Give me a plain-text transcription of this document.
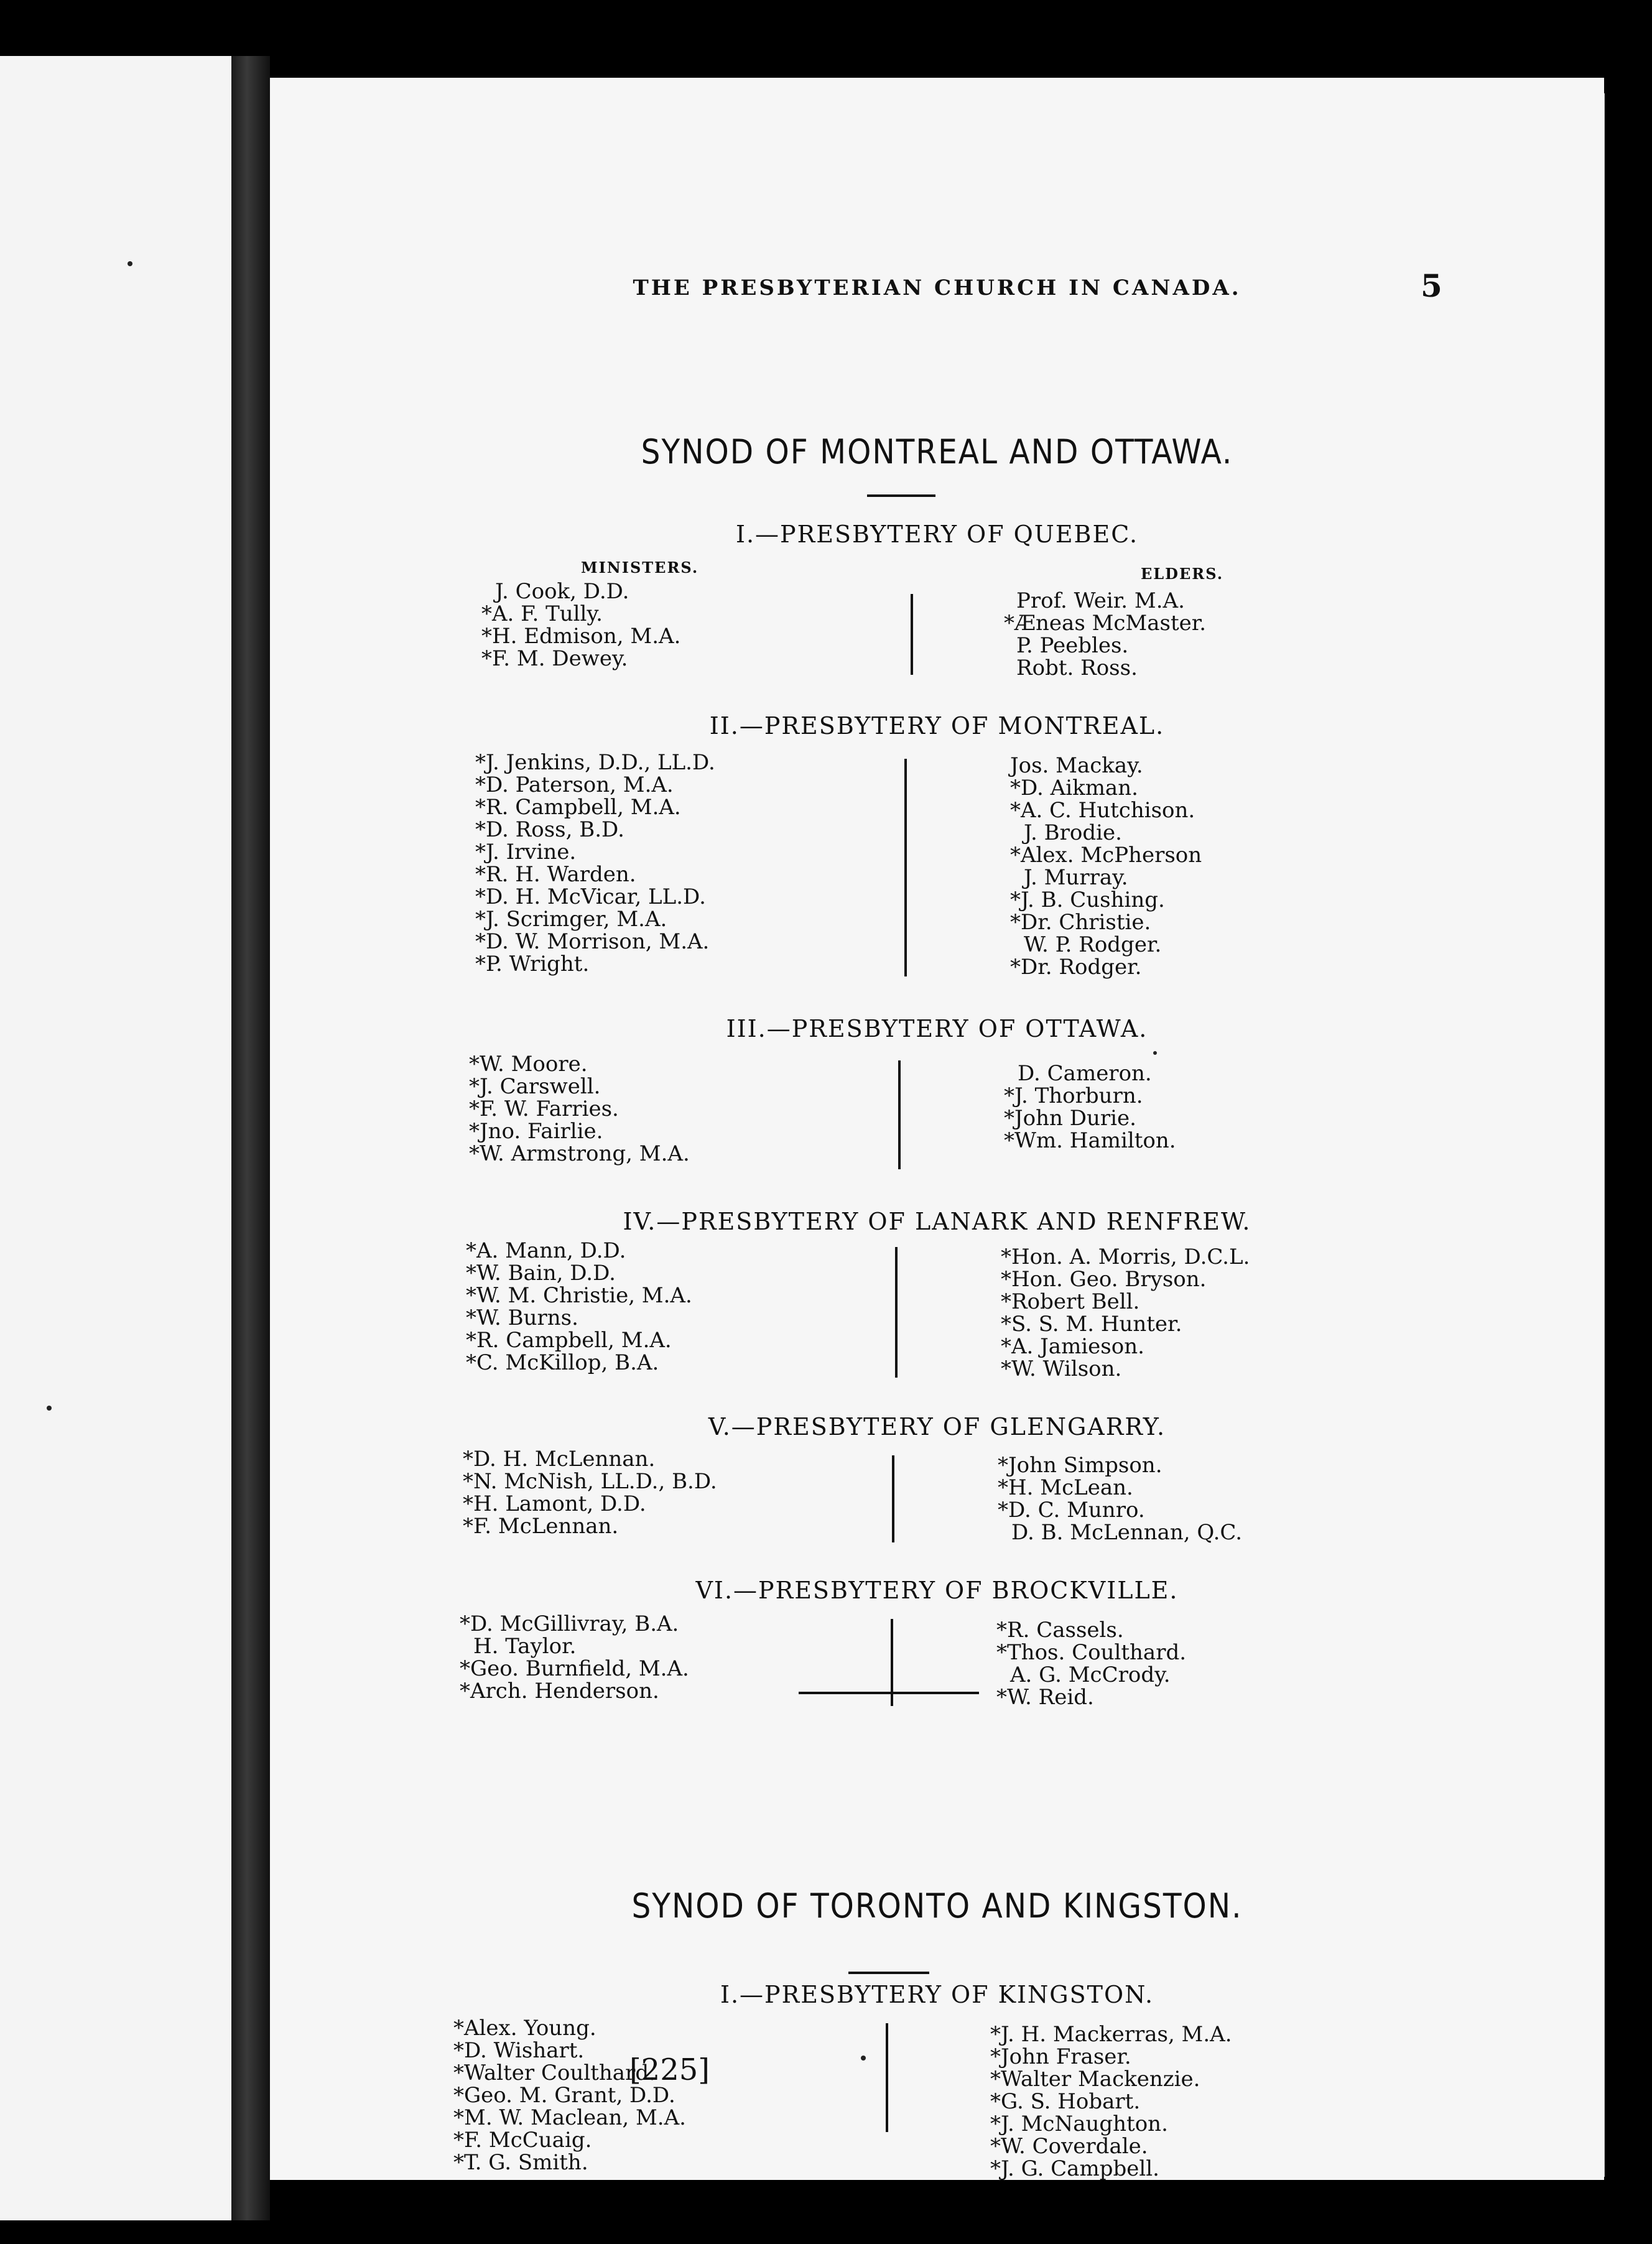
THE PRESBYTERIAN CHURCH IN CANADA.	5
SYNOD OF MONTREAL AND OTTAWA.
I.—PRESBYTERY OF QUEBEC.
MINISTERS.	ELDERS.
J. Cook, D.D.
*A. F. Tully.
*H. Edmison, M.A.
*F. M. Dewey.
Prof. Weir. M.A.
*Æneas McMaster.
P. Peebles.
Robt. Ross.
II.—PRESBYTERY OF MONTREAL.
*J. Jenkins, D.D., LL.D.
*D. Paterson, M.A.
*R. Campbell, M.A.
*D. Ross, B.D.
*J. Irvine.
*R. H. Warden.
*D. H. McVicar, LL.D.
*J. Scrimger, M.A.
*D. W. Morrison, M.A.
*P. Wright.
Jos. Mackay.
*D. Aikman.
*A. C. Hutchison.
J. Brodie.
*Alex. McPherson
J. Murray.
*J. B. Cushing.
*Dr. Christie.
W. P. Rodger.
*Dr. Rodger.
III.—PRESBYTERY OF OTTAWA.
*W. Moore.
*J. Carswell.
*F. W. Farries.
*Jno. Fairlie.
*W. Armstrong, M.A.
D. Cameron.
*J. Thorburn.
*John Durie.
*Wm. Hamilton.
IV.—PRESBYTERY OF LANARK AND RENFREW.
*A. Mann, D.D.
*W. Bain, D.D.
*W. M. Christie, M.A.
*W. Burns.
*R. Campbell, M.A.
*C. McKillop, B.A.
*Hon. A. Morris, D.C.L.
*Hon. Geo. Bryson.
*Robert Bell.
*S. S. M. Hunter.
*A. Jamieson.
*W. Wilson.
V.—PRESBYTERY OF GLENGARRY.
*D. H. McLennan.
*N. McNish, LL.D., B.D.
*H. Lamont, D.D.
*F. McLennan.
*John Simpson.
*H. McLean.
*D. C. Munro.
D. B. McLennan, Q.C.
VI.—PRESBYTERY OF BROCKVILLE.
*D. McGillivray, B.A.
H. Taylor.
*Geo. Burnfield, M.A.
*Arch. Henderson.
*R. Cassels.
*Thos. Coulthard.
A. G. McCrody.
*W. Reid.
SYNOD OF TORONTO AND KINGSTON.
I.—PRESBYTERY OF KINGSTON.
*Alex. Young.
*D. Wishart.
*Walter Coulthard.
*Geo. M. Grant, D.D.
*M. W. Maclean, M.A.
*F. McCuaig.
*T. G. Smith.
*J. H. Mackerras, M.A.
*John Fraser.
*Walter Mackenzie.
*G. S. Hobart.
*J. McNaughton.
*W. Coverdale.
*J. G. Campbell.
[225]
